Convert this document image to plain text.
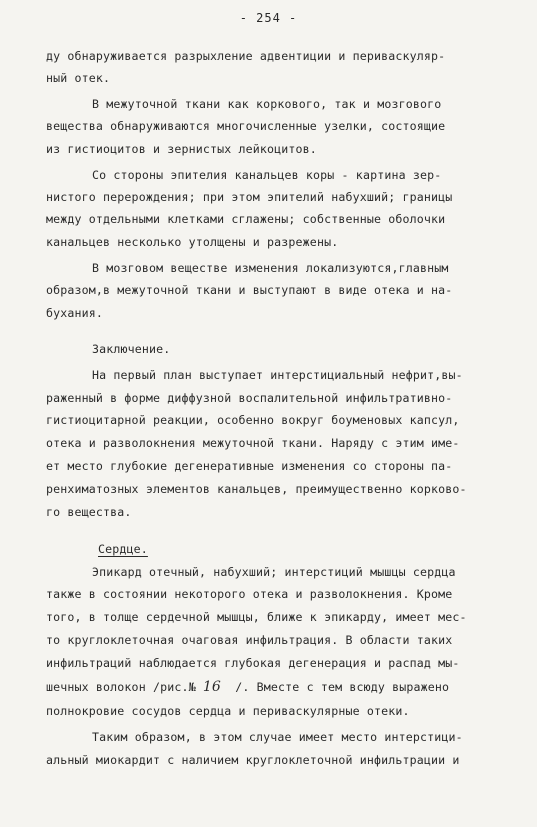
- 254 -
ду обнаруживается разрыхление адвентиции и периваскуляр-
ный отек.
В межуточной ткани как коркового, так и мозгового
вещества обнаруживаются многочисленные узелки, состоящие
из гистиоцитов и зернистых лейкоцитов.
Со стороны эпителия канальцев коры - картина зер-
нистого перерождения; при этом эпителий набухший; границы
между отдельными клетками сглажены; собственные оболочки
канальцев несколько утолщены и разрежены.
В мозговом веществе изменения локализуются,главным
образом,в межуточной ткани и выступают в виде отека и на-
бухания.
Заключение.
На первый план выступает интерстициальный нефрит,вы-
раженный в форме диффузной воспалительной инфильтративно-
гистиоцитарной реакции, особенно вокруг боуменовых капсул,
отека и разволокнения межуточной ткани. Наряду с этим име-
ет место глубокие дегенеративные изменения со стороны па-
ренхиматозных элементов канальцев, преимущественно корково-
го вещества.
Сердце.
Эпикард отечный, набухший; интерстиций мышцы сердца
также в состоянии некоторого отека и разволокнения. Кроме
того, в толще сердечной мышцы, ближе к эпикарду, имеет мес-
то круглоклеточная очаговая инфильтрация. В области таких
инфильтраций наблюдается глубокая дегенерация и распад мы-
шечных волокон /рис.№ 16 /. Вместе с тем всюду выражено
полнокровие сосудов сердца и периваскулярные отеки.
Таким образом, в этом случае имеет место интерстици-
альный миокардит с наличием круглоклеточной инфильтрации и
